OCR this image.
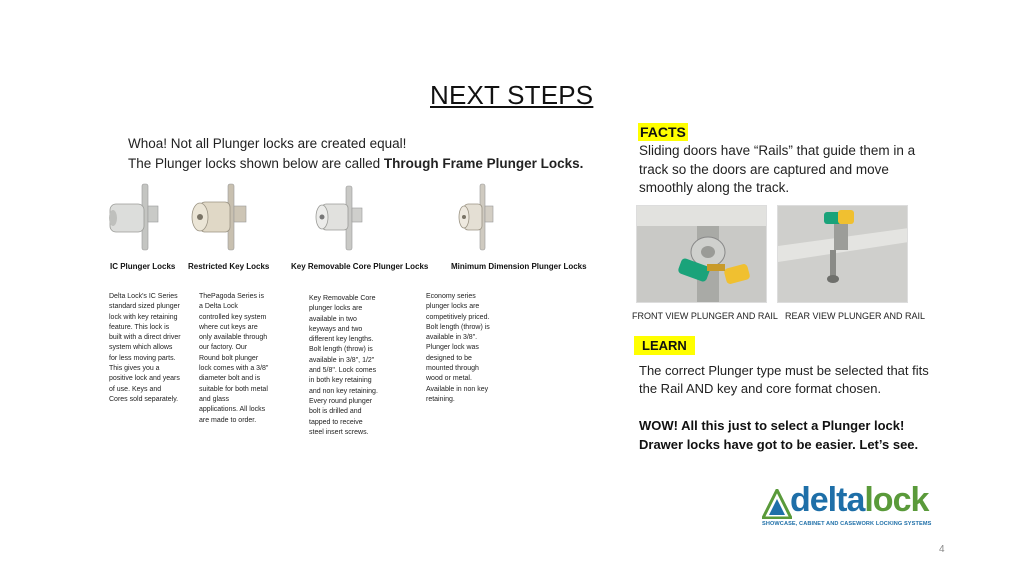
NEXT STEPS
Whoa! Not all Plunger locks are created equal!
The Plunger locks shown below are called Through Frame Plunger Locks.
FACTS
Sliding doors have “Rails” that guide them in a track so the doors are captured and move smoothly along the track.
FRONT VIEW PLUNGER AND RAIL REAR VIEW PLUNGER AND RAIL
LEARN
The correct Plunger type must be selected that fits the Rail AND key and core format chosen.
WOW! All this just to select a Plunger lock! Drawer locks have got to be easier. Let’s see.
IC Plunger Locks Restricted Key Locks	Key Removable Core Plunger Locks	Minimum Dimension Plunger Locks
Delta Lock's IC Series standard sized plunger lock with key retaining feature. This lock is built with a direct driver system which allows for less moving parts. This gives you a positive lock and years of use. Keys and Cores sold separately.
ThePagoda Series is a Delta Lock controlled key system where cut keys are only available through our factory. Our Round bolt plunger lock comes with a 3/8" diameter bolt and is suitable for both metal and glass applications. All locks are made to order.
Key Removable Core plunger locks are available in two keyways and two different key lengths. Bolt length (throw) is available in 3/8", 1/2" and 5/8". Lock comes in both key retaining and non key retaining. Every round plunger bolt is drilled and tapped to receive steel insert screws.
Economy series plunger locks are competitively priced. Bolt length (throw) is available in 3/8". Plunger lock was designed to be mounted through wood or metal. Available in non key retaining.
deltalock
SHOWCASE, CABINET AND CASEWORK LOCKING SYSTEMS
4
